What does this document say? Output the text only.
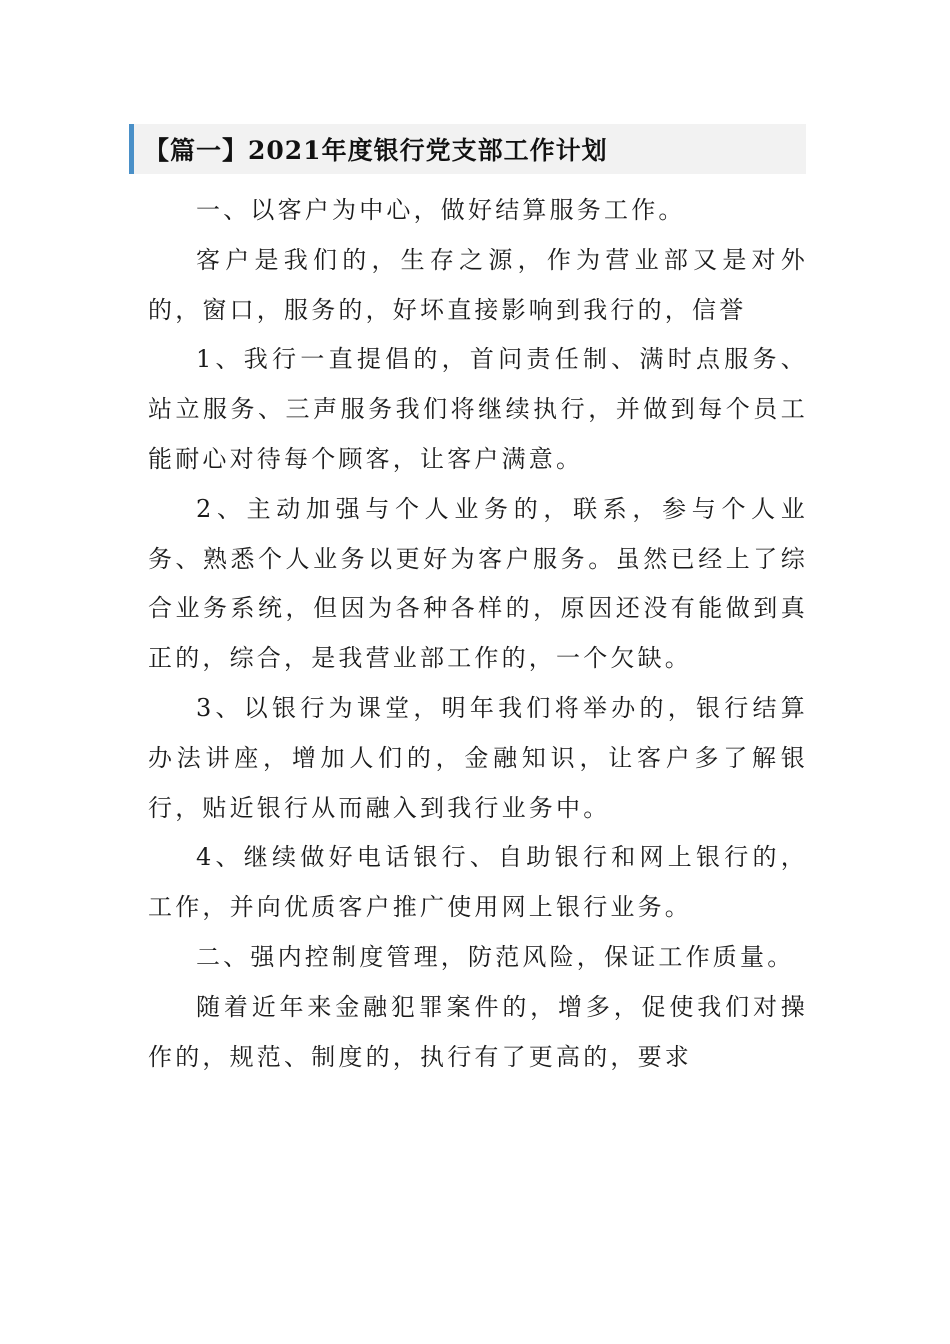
【篇一】2021年度银行党支部工作计划

一、以客户为中心，做好结算服务工作。

客户是我们的，生存之源，作为营业部又是对外的，窗口，服务的，好坏直接影响到我行的，信誉

1、我行一直提倡的，首问责任制、满时点服务、站立服务、三声服务我们将继续执行，并做到每个员工能耐心对待每个顾客，让客户满意。

2、主动加强与个人业务的，联系，参与个人业务、熟悉个人业务以更好为客户服务。虽然已经上了综合业务系统，但因为各种各样的，原因还没有能做到真正的，综合，是我营业部工作的，一个欠缺。

3、以银行为课堂，明年我们将举办的，银行结算办法讲座，增加人们的，金融知识，让客户多了解银行，贴近银行从而融入到我行业务中。

4、继续做好电话银行、自助银行和网上银行的，工作，并向优质客户推广使用网上银行业务。

二、强内控制度管理，防范风险，保证工作质量。

随着近年来金融犯罪案件的，增多，促使我们对操作的，规范、制度的，执行有了更高的，要求
